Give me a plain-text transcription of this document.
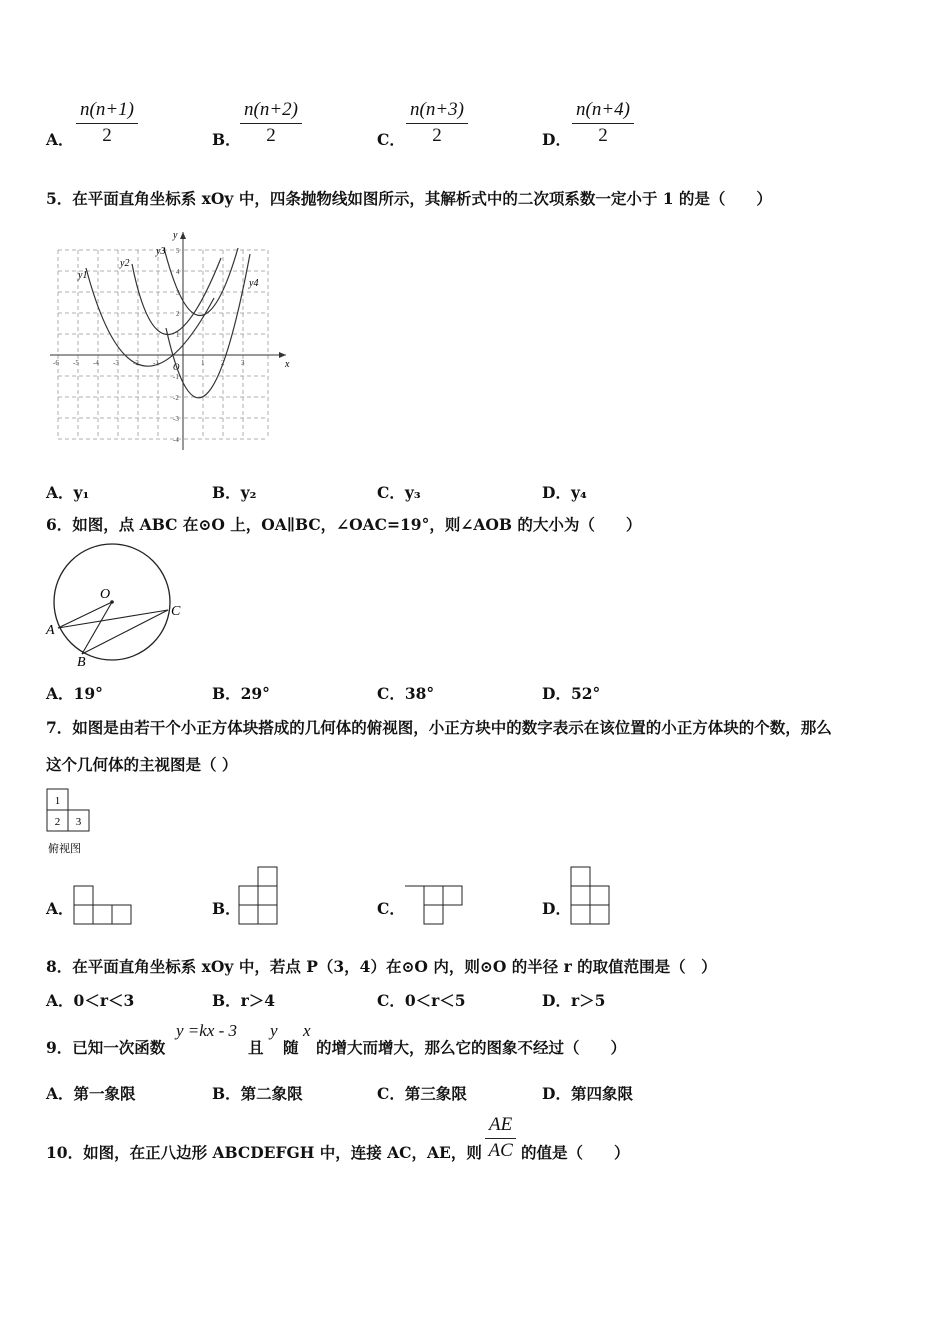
A． $\frac{n(n+1)}{2}$	B． $\frac{n(n+2)}{2}$	C． $\frac{n(n+3)}{2}$	D． $\frac{n(n+4)}{2}$
5．在平面直角坐标系 xOy 中，四条抛物线如图所示，其解析式中的二次项系数一定小于 1 的是（　　）
x
y
O
-6 -5 -4 -3 -2 -1	1 2 3
5
4
3
2
1
-1
-2
-3
-4
y1
y2
y3
y4
A．y₁	B．y₂	C．y₃	D．y₄
6．如图，点 ABC 在⊙O 上，OA∥BC，∠OAC=19°，则∠AOB 的大小为（　　）
O
A
B
C
A．19°	B．29°	C．38°	D．52°
7．如图是由若干个小正方体块搭成的几何体的俯视图，小正方块中的数字表示在该位置的小正方体块的个数，那么
这个几何体的主视图是（ ）
1
2 3
俯视图
A．	B．	C．	D．
8．在平面直角坐标系 xOy 中，若点 P（3，4）在⊙O 内，则⊙O 的半径 r 的取值范围是（　）
A．0＜r＜3	B．r＞4	C．0＜r＜5	D．r＞5
9．已知一次函数
y =kx - 3
且
y
随
x
的增大而增大，那么它的图象不经过（　　）
A．第一象限	B．第二象限	C．第三象限	D．第四象限
10．如图，在正八边形 ABCDEFGH 中，连接 AC，AE，则 $\frac{AE}{AC}$ 的值是（　　）
